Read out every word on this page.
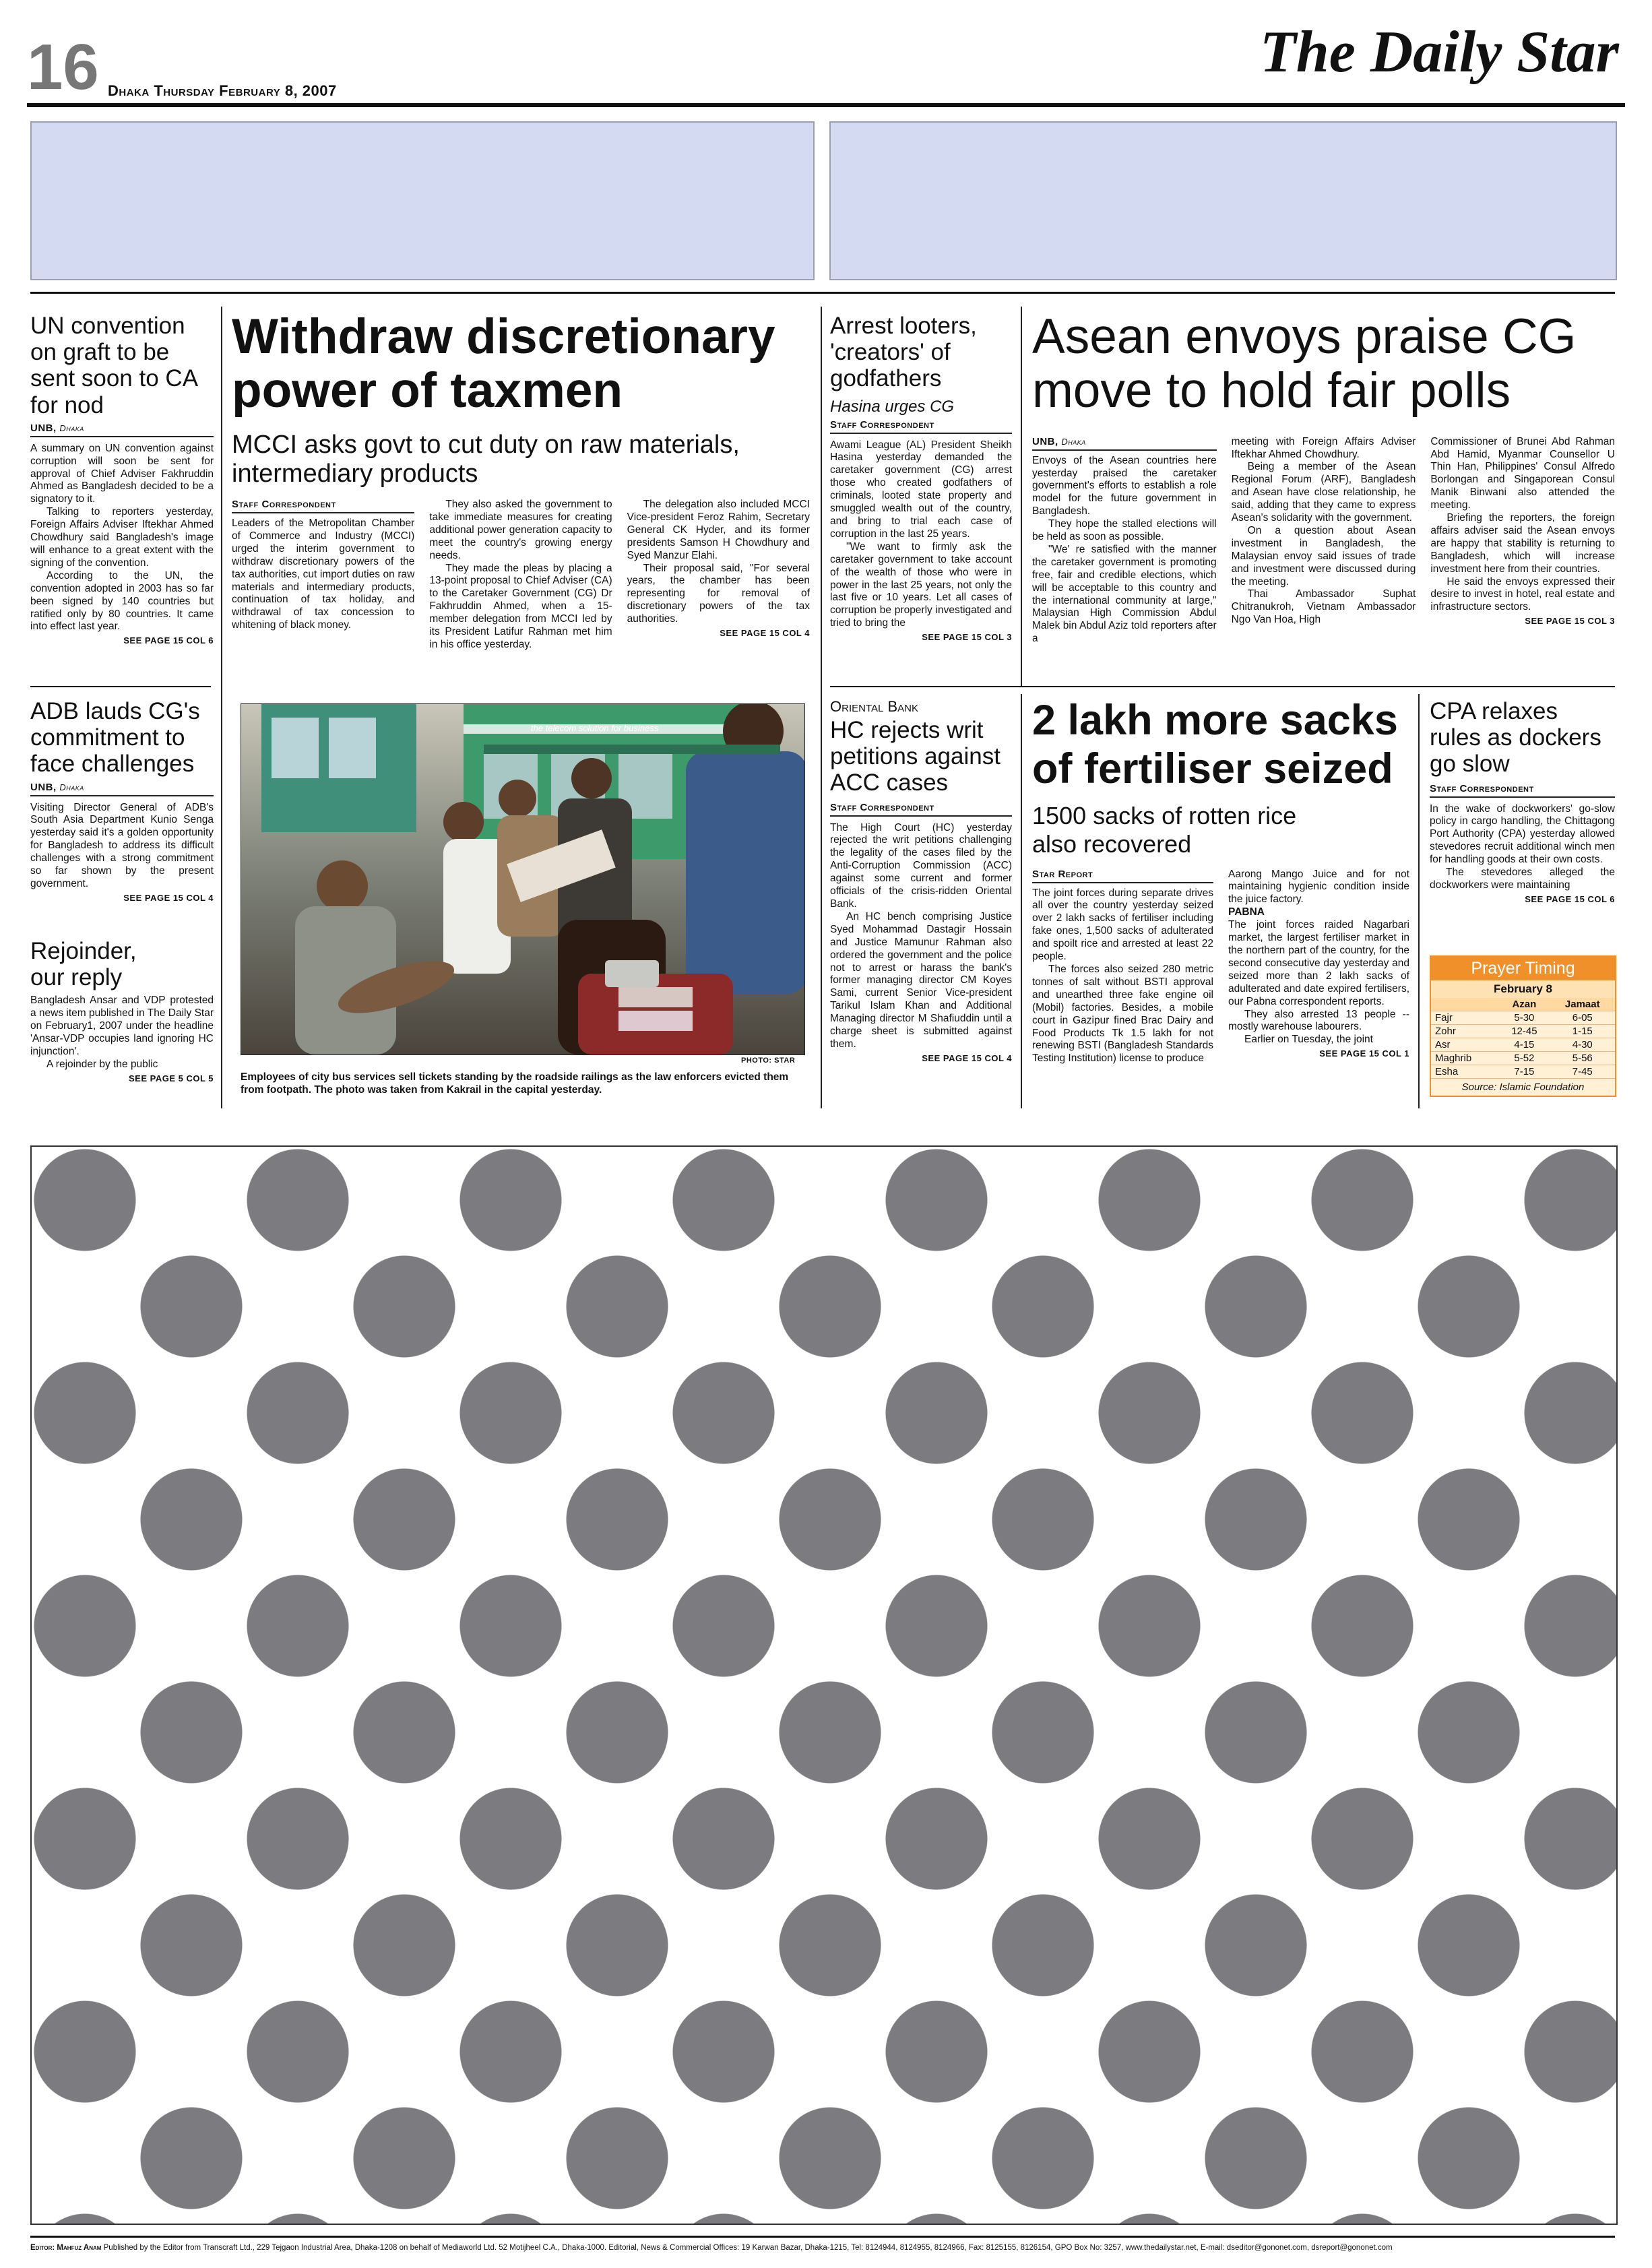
16 Dhaka Thursday February 8, 2007
The Daily Star
UN convention on graft to be sent soon to CA for nod
UNB, Dhaka

A summary on UN convention against corruption will soon be sent for approval of Chief Adviser Fakhruddin Ahmed as Bangladesh decided to be a signatory to it.

Talking to reporters yesterday, Foreign Affairs Adviser Iftekhar Ahmed Chowdhury said Bangladesh's image will enhance to a great extent with the signing of the convention.

According to the UN, the convention adopted in 2003 has so far been signed by 140 countries but ratified only by 80 countries. It came into effect last year.

SEE PAGE 15 COL 6
Withdraw discretionary power of taxmen
MCCI asks govt to cut duty on raw materials, intermediary products
Staff Correspondent

Leaders of the Metropolitan Chamber of Commerce and Industry (MCCI) urged the interim government to withdraw discretionary powers of the tax authorities, cut import duties on raw materials and intermediary products, continuation of tax holiday, and withdrawal of tax concession to whitening of black money.

They also asked the government to take immediate measures for creating additional power generation capacity to meet the country's growing energy needs.

They made the pleas by placing a 13-point proposal to Chief Adviser (CA) to the Caretaker Government (CG) Dr Fakhruddin Ahmed, when a 15-member delegation from MCCI led by its President Latifur Rahman met him in his office yesterday.

The delegation also included MCCI Vice-president Feroz Rahim, Secretary General CK Hyder, and its former presidents Samson H Chowdhury and Syed Manzur Elahi.

Their proposal said, "For several years, the chamber has been representing for removal of discretionary powers of the tax authorities.

SEE PAGE 15 COL 4
Arrest looters, 'creators' of godfathers
Hasina urges CG
Staff Correspondent

Awami League (AL) President Sheikh Hasina yesterday demanded the caretaker government (CG) arrest those who created godfathers of criminals, looted state property and smuggled wealth out of the country, and bring to trial each case of corruption in the last 25 years.

"We want to firmly ask the caretaker government to take account of the wealth of those who were in power in the last 25 years, not only the last five or 10 years. Let all cases of corruption be properly investigated and tried to bring the

SEE PAGE 15 COL 3
Asean envoys praise CG move to hold fair polls
UNB, Dhaka

Envoys of the Asean countries here yesterday praised the caretaker government's efforts to establish a role model for the future government in Bangladesh.

They hope the stalled elections will be held as soon as possible.

"We' re satisfied with the manner the caretaker government is promoting free, fair and credible elections, which will be acceptable to this country and the international community at large," Malaysian High Commission Abdul Malek bin Abdul Aziz told reporters after a

meeting with Foreign Affairs Adviser Iftekhar Ahmed Chowdhury.

Being a member of the Asean Regional Forum (ARF), Bangladesh and Asean have close relationship, he said, adding that they came to express Asean's solidarity with the government.

On a question about Asean investment in Bangladesh, the Malaysian envoy said issues of trade and investment were discussed during the meeting.

Thai Ambassador Suphat Chitranukroh, Vietnam Ambassador Ngo Van Hoa, High

Commissioner of Brunei Abd Rahman Abd Hamid, Myanmar Counsellor U Thin Han, Philippines' Consul Alfredo Borlongan and Singaporean Consul Manik Binwani also attended the meeting.

Briefing the reporters, the foreign affairs adviser said the Asean envoys are happy that stability is returning to Bangladesh, which will increase investment here from their countries.

He said the envoys expressed their desire to invest in hotel, real estate and infrastructure sectors.

SEE PAGE 15 COL 3
ADB lauds CG's commitment to face challenges
UNB, Dhaka

Visiting Director General of ADB's South Asia Department Kunio Senga yesterday said it's a golden opportunity for Bangladesh to address its difficult challenges with a strong commitment so far shown by the present government.

SEE PAGE 15 COL 4
Rejoinder, our reply

Bangladesh Ansar and VDP protested a news item published in The Daily Star on February1, 2007 under the headline 'Ansar-VDP occupies land ignoring HC injunction'.

A rejoinder by the public

SEE PAGE 5 COL 5
the telecom solution for business
PHOTO: STAR
Employees of city bus services sell tickets standing by the roadside railings as the law enforcers evicted them from footpath. The photo was taken from Kakrail in the capital yesterday.
Oriental Bank
HC rejects writ petitions against ACC cases
Staff Correspondent

The High Court (HC) yesterday rejected the writ petitions challenging the legality of the cases filed by the Anti-Corruption Commission (ACC) against some current and former officials of the crisis-ridden Oriental Bank.

An HC bench comprising Justice Syed Mohammad Dastagir Hossain and Justice Mamunur Rahman also ordered the government and the police not to arrest or harass the bank's former managing director CM Koyes Sami, current Senior Vice-president Tarikul Islam Khan and Additional Managing director M Shafiuddin until a charge sheet is submitted against them.

SEE PAGE 15 COL 4
2 lakh more sacks of fertiliser seized
1500 sacks of rotten rice also recovered
Star Report

The joint forces during separate drives all over the country yesterday seized over 2 lakh sacks of fertiliser including fake ones, 1,500 sacks of adulterated and spoilt rice and arrested at least 22 people.

The forces also seized 280 metric tonnes of salt without BSTI approval and unearthed three fake engine oil (Mobil) factories. Besides, a mobile court in Gazipur fined Brac Dairy and Food Products Tk 1.5 lakh for not renewing BSTI (Bangladesh Standards Testing Institution) license to produce

Aarong Mango Juice and for not maintaining hygienic condition inside the juice factory.

PABNA

The joint forces raided Nagarbari market, the largest fertiliser market in the northern part of the country, for the second consecutive day yesterday and seized more than 2 lakh sacks of adulterated and date expired fertilisers, our Pabna correspondent reports.

They also arrested 13 people -- mostly warehouse labourers.

Earlier on Tuesday, the joint

SEE PAGE 15 COL 1
CPA relaxes rules as dockers go slow
Staff Correspondent

In the wake of dockworkers' go-slow policy in cargo handling, the Chittagong Port Authority (CPA) yesterday allowed stevedores recruit additional winch men for handling goods at their own costs.

The stevedores alleged the dockworkers were maintaining

SEE PAGE 15 COL 6
Prayer Timing
February 8
	Azan	Jamaat
Fajr	5-30	6-05
Zohr	12-45	1-15
Asr	4-15	4-30
Maghrib	5-52	5-56
Esha	7-15	7-45
Source: Islamic Foundation
Editor: Mahfuz Anam Published by the Editor from Transcraft Ltd., 229 Tejgaon Industrial Area, Dhaka-1208 on behalf of Mediaworld Ltd. 52 Motijheel C.A., Dhaka-1000. Editorial, News & Commercial Offices: 19 Karwan Bazar, Dhaka-1215, Tel: 8124944, 8124955, 8124966, Fax: 8125155, 8126154, GPO Box No: 3257, www.thedailystar.net, E-mail: dseditor@gononet.com, dsreport@gononet.com
